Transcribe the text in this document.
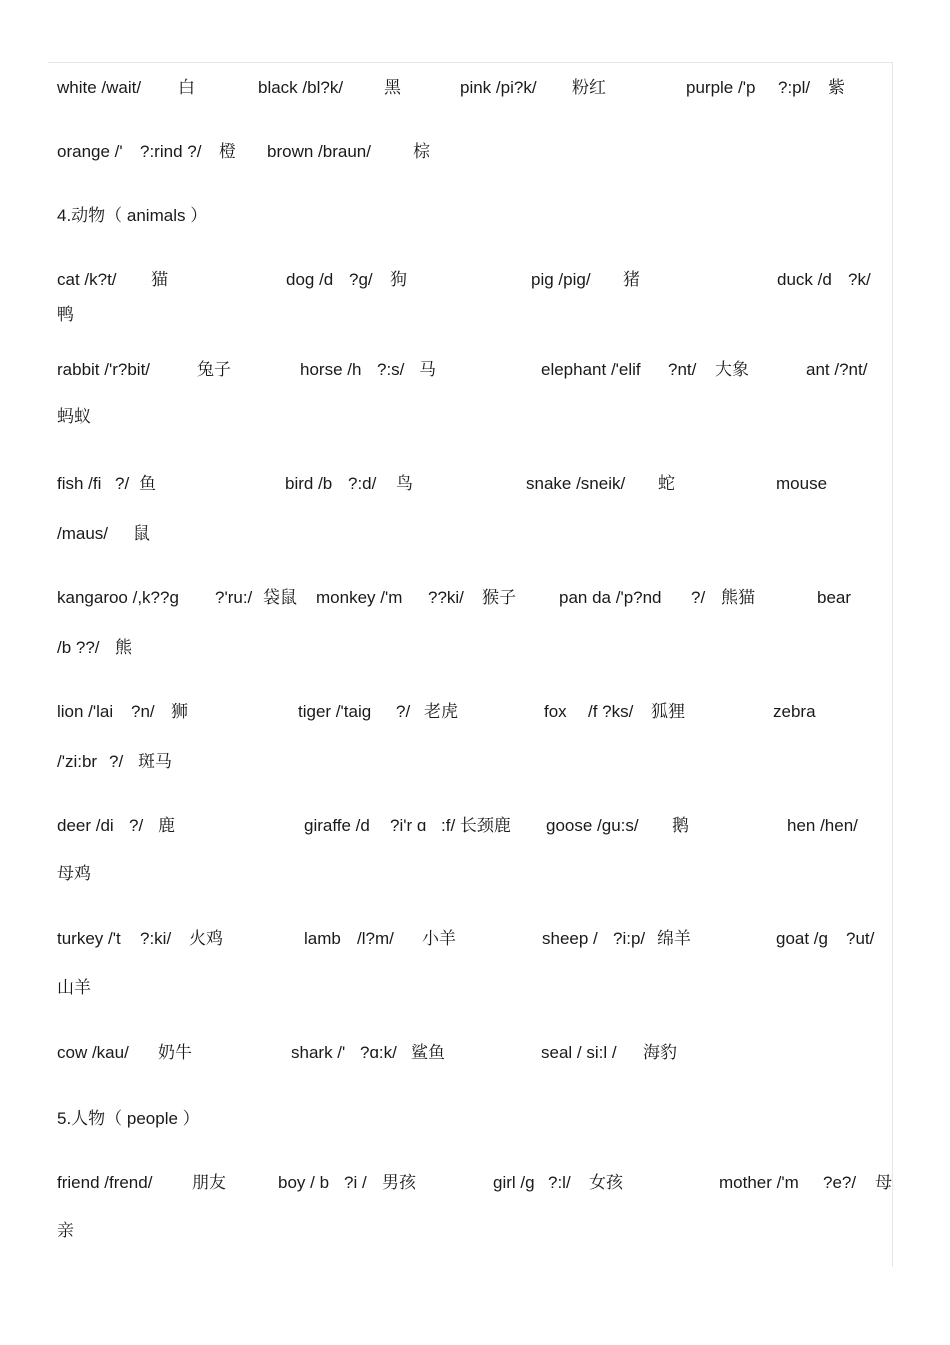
white /wait/ 白	black /bl?k/ 黑	pink /pi?k/ 粉红	purple /'p ?:pl/ 紫
orange /' ?:rind ?/ 橙 brown /braun/ 棕
4.动物（ animals ）
cat /k?t/ 猫	dog /d ?g/ 狗	pig /pig/ 猪	duck /d ?k/
鸭
rabbit /'r?bit/	兔子	horse /h ?:s/ 马	elephant /'elif ?nt/ 大象	ant /?nt/
蚂蚁
fish /fi ?/ 鱼	bird /b ?:d/ 鸟	snake /sneik/ 蛇	mouse
/maus/ 鼠
kangaroo /,k??g ?'ru:/ 袋鼠 monkey /'m ??ki/ 猴子	pan da /'p?nd ?/ 熊猫	bear
/b ??/ 熊
lion /'lai ?n/ 狮	tiger /'taig ?/ 老虎	fox /f ?ks/ 狐狸	zebra
/'zi:br ?/ 斑马
deer /di ?/ 鹿	giraffe /d ?i'r ɑ :f/ 长颈鹿 goose /gu:s/ 鹅	hen /hen/
母鸡
turkey /'t ?:ki/ 火鸡	lamb /l?m/ 小羊	sheep / ?i:p/ 绵羊	goat /g ?ut/
山羊
cow /kau/ 奶牛	shark /' ?ɑ:k/ 鲨鱼	seal / si:l / 海豹
5.人物（ people ）
friend /frend/ 朋友	boy / b ?i / 男孩	girl /g ?:l/ 女孩	mother /'m ?e?/ 母
亲
